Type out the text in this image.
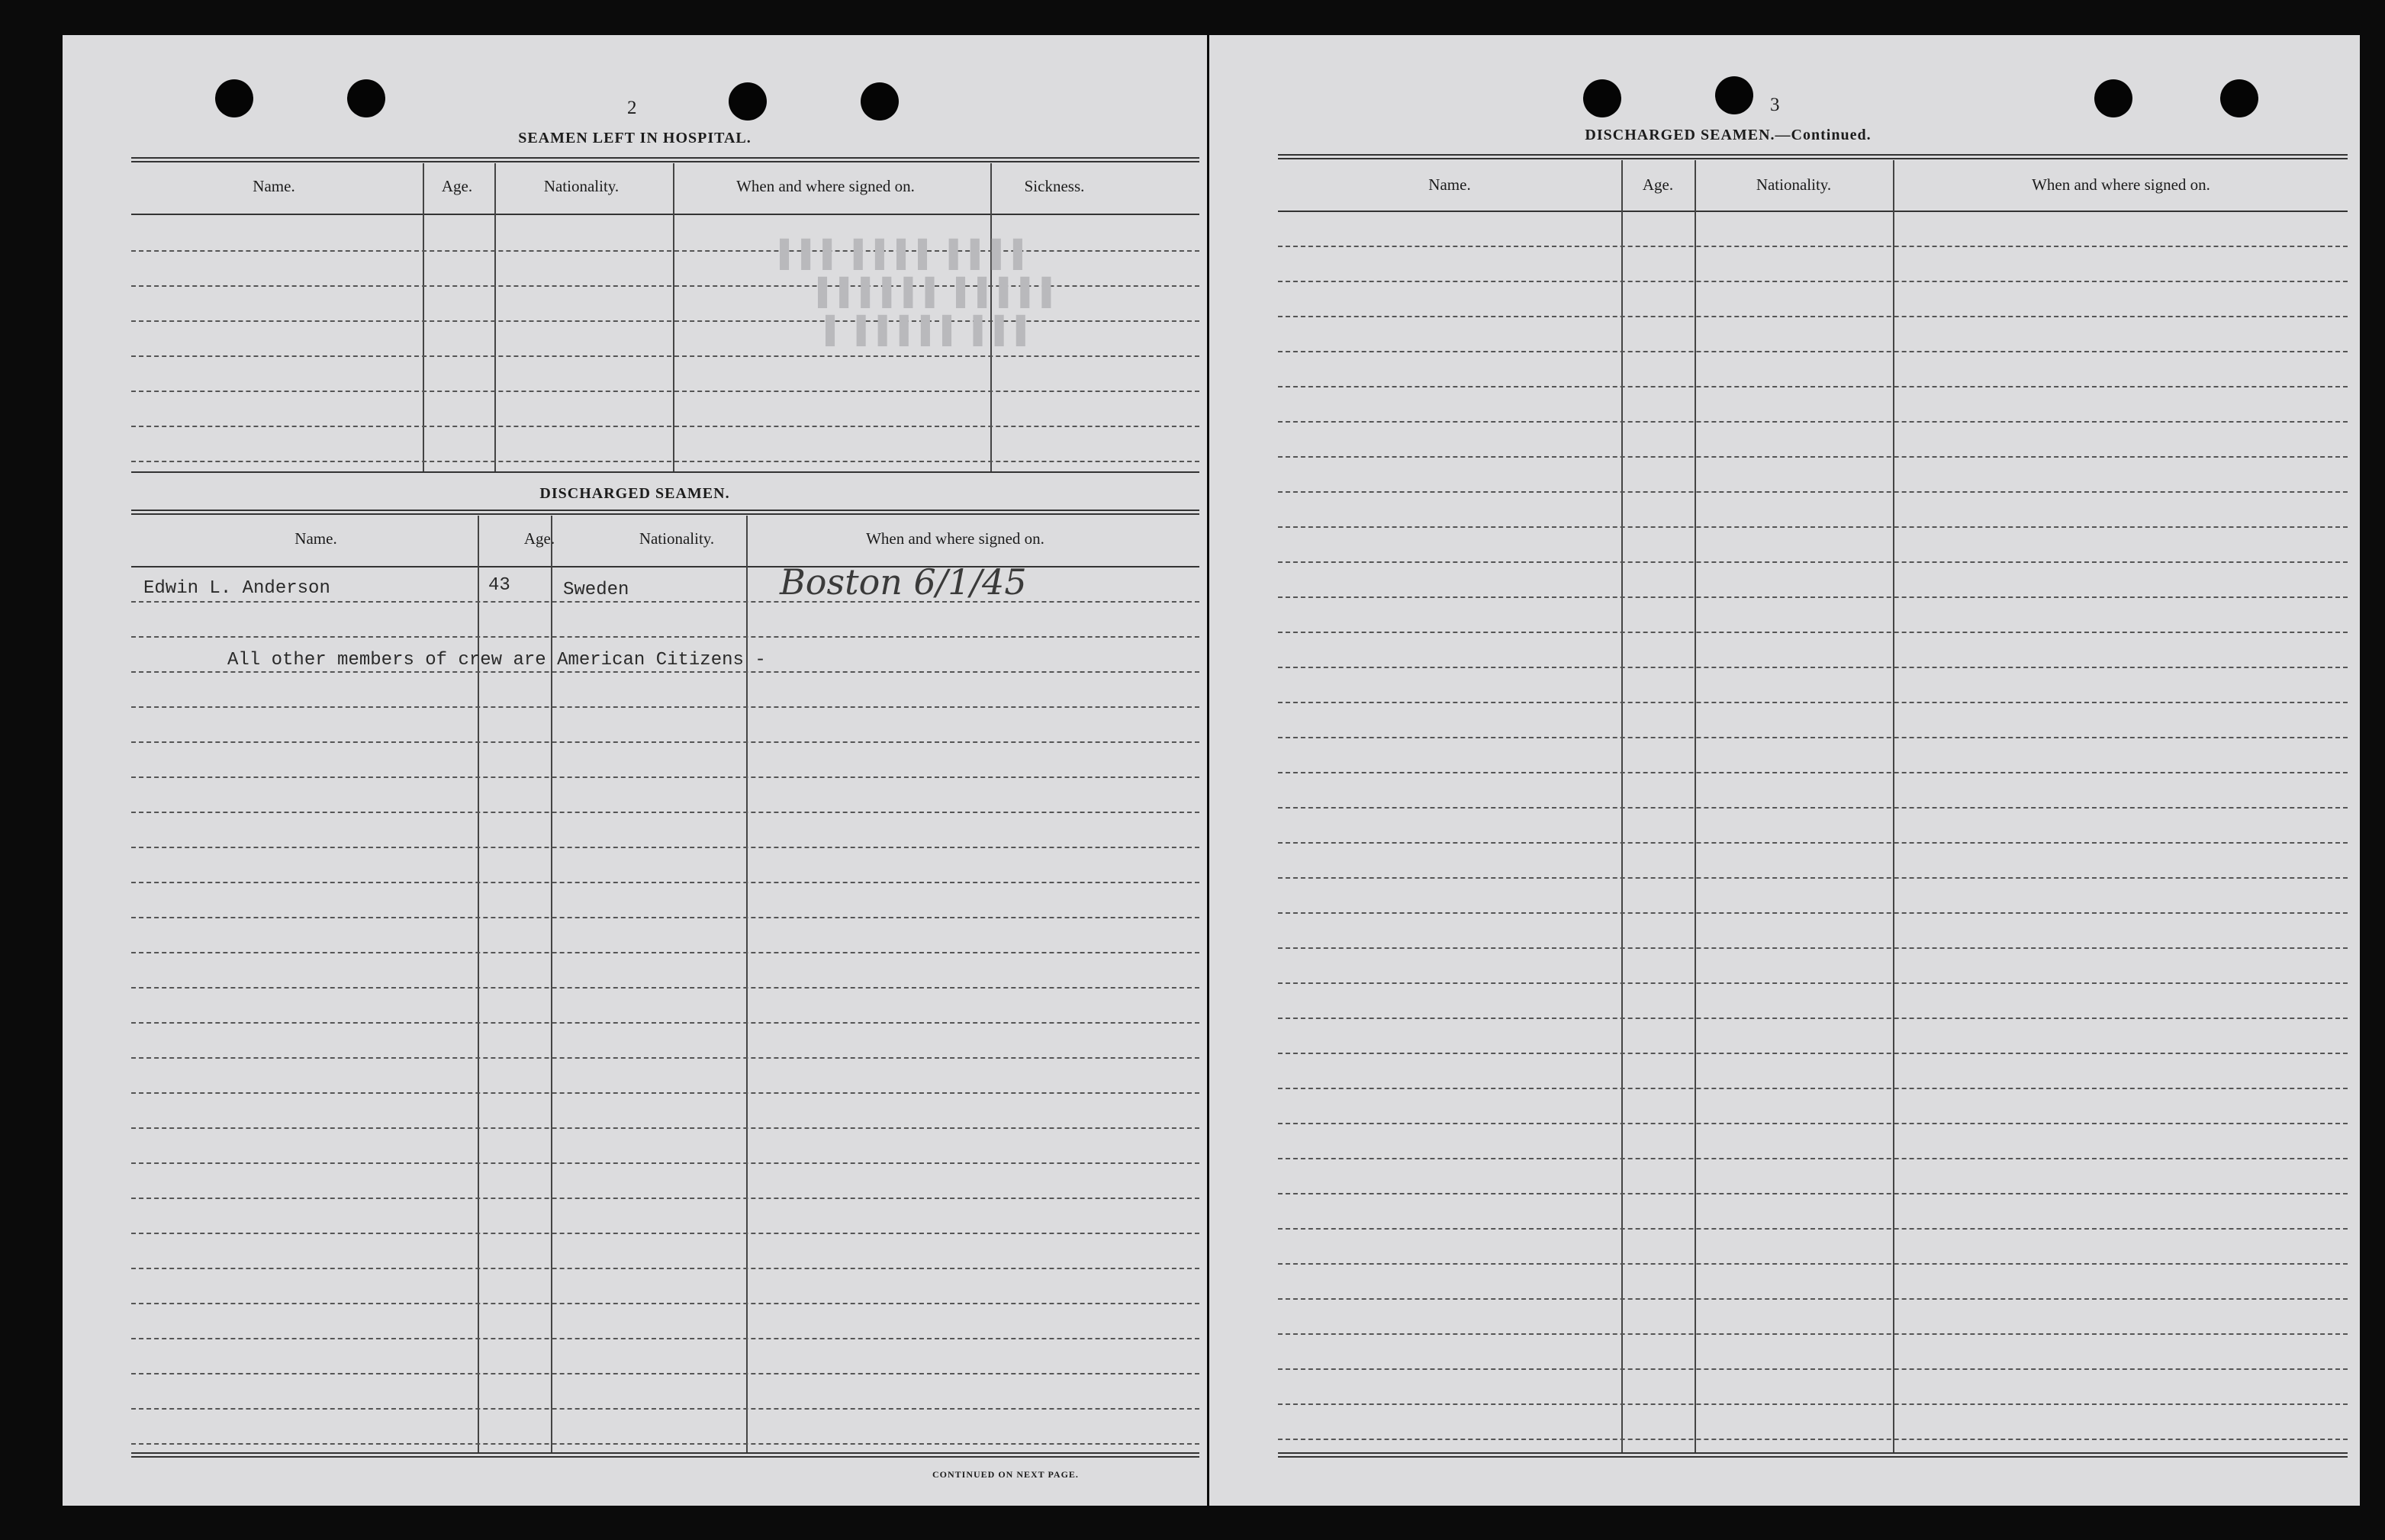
2
SEAMEN LEFT IN HOSPITAL.
Name.	Age.	Nationality.	When and where signed on.	Sickness.
▌▌▌ ▌▌▌▌ ▌▌▌▌
▌▌▌▌▌▌ ▌▌▌▌▌
▌ ▌▌▌▌▌ ▌▌▌
DISCHARGED SEAMEN.
Name.	Age.	Nationality.	When and where signed on.
Edwin L. Anderson	43	Sweden	Boston 6/1/45
All other members of crew are American Citizens -
CONTINUED ON NEXT PAGE.
3
DISCHARGED SEAMEN.—Continued.
Name.	Age.	Nationality.	When and where signed on.
